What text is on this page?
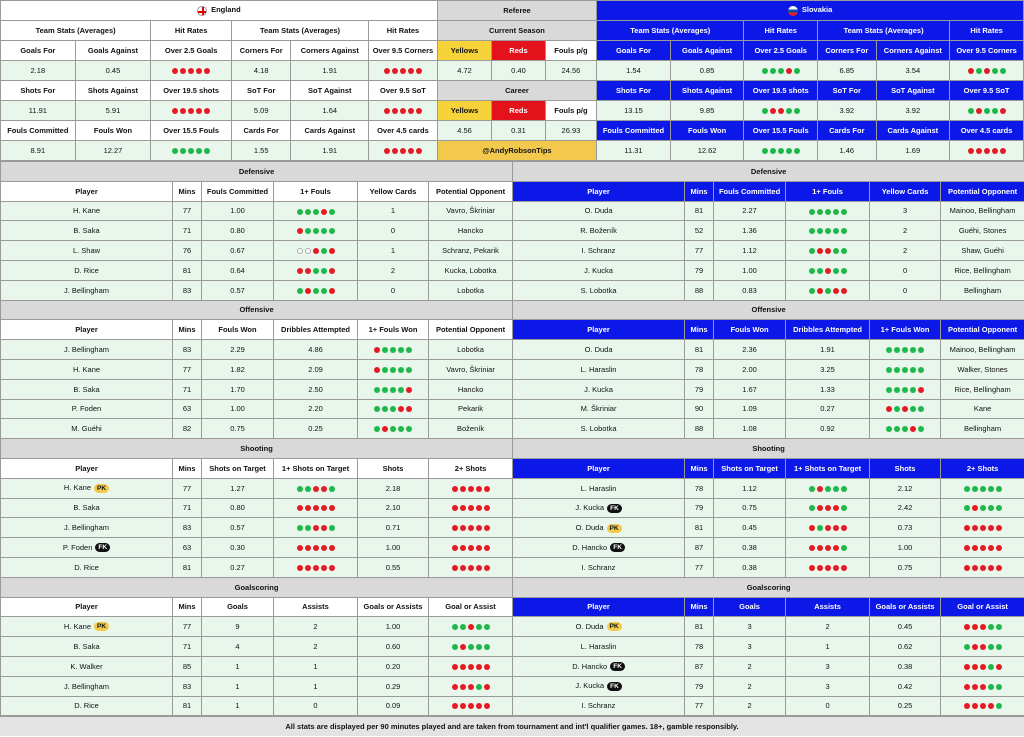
England						Referee			Slovakia					
Team Stats (Averages)		Hit Rates	Team Stats (Averages)		Hit Rates	Current Season			Team Stats (Averages)		Hit Rates	Team Stats (Averages)		Hit Rates
Goals For	Goals Against	Over 2.5 Goals	Corners For	Corners Against	Over 9.5 Corners	Yellows	Reds	Fouls p/g	Goals For	Goals Against	Over 2.5 Goals	Corners For	Corners Against	Over 9.5 Corners
2.18	0.45		4.18	1.91		4.72	0.40	24.56	1.54	0.85		6.85	3.54	

Shots For	Shots Against	Over 19.5 shots	SoT For	SoT Against	Over 9.5 SoT	Career			Shots For	Shots Against	Over 19.5 shots	SoT For	SoT Against	Over 9.5 SoT
11.91	5.91		5.09	1.64		Yellows	Reds	Fouls p/g	13.15	9.85		3.92	3.92	

Fouls Committed	Fouls Won	Over 15.5 Fouls	Cards For	Cards Against	Over 4.5 cards	4.56	0.31	26.93	Fouls Committed	Fouls Won	Over 15.5 Fouls	Cards For	Cards Against	Over 4.5 cards
8.91	12.27		1.55	1.91		@AndyRobsonTips			11.31	12.62		1.46	1.69	
Defensive						Defensive					
Player	Mins	Fouls Committed	1+ Fouls	Yellow Cards	Potential Opponent	Player	Mins	Fouls Committed	1+ Fouls	Yellow Cards	Potential Opponent
H. Kane	77	1.00		1	Vavro, Škriniar	O. Duda	81	2.27		3	Mainoo, Bellingham
B. Saka	71	0.80		0	Hancko	R. Boženík	52	1.36		2	Guéhi, Stones
L. Shaw	76	0.67		1	Schranz, Pekarik	I. Schranz	77	1.12		2	Shaw, Guéhi
D. Rice	81	0.64		2	Kucka, Lobotka	J. Kucka	79	1.00		0	Rice, Bellingham
J. Bellingham	83	0.57		0	Lobotka	S. Lobotka	88	0.83		0	Bellingham
Offensive						Offensive					
Player	Mins	Fouls Won	Dribbles Attempted	1+ Fouls Won	Potential Opponent	Player	Mins	Fouls Won	Dribbles Attempted	1+ Fouls Won	Potential Opponent
J. Bellingham	83	2.29	4.86		Lobotka	O. Duda	81	2.36	1.91		Mainoo, Bellingham
H. Kane	77	1.82	2.09		Vavro, Škriniar	L. Haraslin	78	2.00	3.25		Walker, Stones
B. Saka	71	1.70	2.50		Hancko	J. Kucka	79	1.67	1.33		Rice, Bellingham
P. Foden	63	1.00	2.20		Pekarik	M. Škriniar	90	1.09	0.27		Kane
M. Guéhi	82	0.75	0.25		Boženík	S. Lobotka	88	1.08	0.92		Bellingham
Shooting						Shooting					
Player	Mins	Shots on Target	1+ Shots on Target	Shots	2+ Shots	Player	Mins	Shots on Target	1+ Shots on Target	Shots	2+ Shots
H. Kane PK	77	1.27		2.18		L. Haraslin	78	1.12		2.12	

B. Saka	71	0.80		2.10		J. Kucka FK	79	0.75		2.42	

J. Bellingham	83	0.57		0.71		O. Duda PK	81	0.45		0.73	

P. Foden FK	63	0.30		1.00		D. Hancko FK	87	0.38		1.00	

D. Rice	81	0.27		0.55		I. Schranz	77	0.38		0.75	

Goalscoring						Goalscoring					
Player	Mins	Goals	Assists	Goals or Assists	Goal or Assist	Player	Mins	Goals	Assists	Goals or Assists	Goal or Assist
H. Kane PK	77	9	2	1.00		O. Duda PK	81	3	2	0.45	

B. Saka	71	4	2	0.60		L. Haraslin	78	3	1	0.62	

K. Walker	85	1	1	0.20		D. Hancko FK	87	2	3	0.38	

J. Bellingham	83	1	1	0.29		J. Kucka FK	79	2	3	0.42	

D. Rice	81	1	0	0.09		I. Schranz	77	2	0	0.25	
All stats are displayed per 90 minutes played and are taken from tournament and int'l qualifier games. 18+, gamble responsibly.
